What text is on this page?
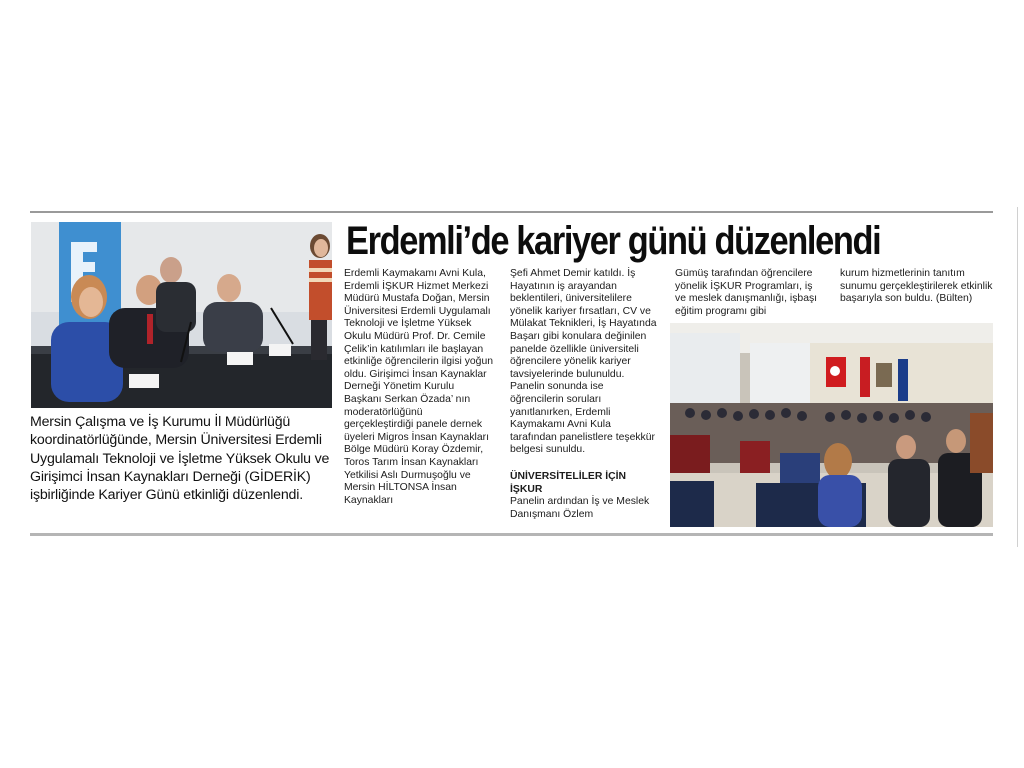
Mersin Çalışma ve İş Kurumu İl Müdürlüğü koordinatörlüğünde, Mersin Üniversitesi Erdemli Uygulamalı Teknoloji ve İşletme Yüksek Okulu ve Girişimci İnsan Kaynakları Derneği (GİDERİK) işbirliğinde Kariyer Günü etkinliği düzenlendi.
Erdemli’de kariyer günü düzenlendi

Erdemli Kaymakamı Avni Kula, Erdemli İŞKUR Hizmet Merkezi Müdürü Mustafa Doğan, Mersin Üniversitesi Erdemli Uygulamalı Teknoloji ve İşletme Yüksek Okulu Müdürü Prof. Dr. Cemile Çelik’in katılımları ile başlayan etkinliğe öğrencilerin ilgisi yoğun oldu. Girişimci İnsan Kaynaklar Derneği Yönetim Kurulu Başkanı Serkan Özada’ nın moderatörlüğünü gerçekleştirdiği panele dernek üyeleri Migros İnsan Kaynakları Bölge Müdürü Koray Özdemir, Toros Tarım İnsan Kaynakları Yetkilisi Aslı Durmuşoğlu ve Mersin HİLTONSA İnsan Kaynakları

Şefi Ahmet Demir katıldı. İş Hayatının iş arayandan beklentileri, üniversitelilere yönelik kariyer fırsatları, CV ve Mülakat Teknikleri, İş Hayatında Başarı gibi konulara değinilen panelde özellikle üniversiteli öğrencilere yönelik kariyer tavsiyelerinde bulunuldu. Panelin sonunda ise öğrencilerin soruları yanıtlanırken, Erdemli Kaymakamı Avni Kula tarafından panelistlere teşekkür belgesi sunuldu.

ÜNİVERSİTELİLER İÇİN İŞKUR

Panelin ardından İş ve Meslek Danışmanı Özlem

Gümüş tarafından öğrencilere yönelik İŞKUR Programları, iş ve meslek danışmanlığı, işbaşı eğitim programı gibi

kurum hizmetlerinin tanıtım sunumu gerçekleştirilerek etkinlik başarıyla son buldu. (Bülten)
